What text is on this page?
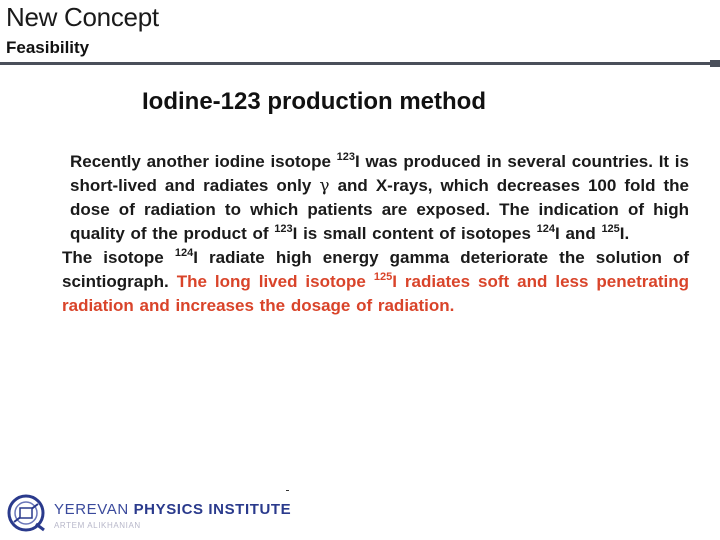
New Concept
Feasibility
Iodine-123 production method

Recently another iodine isotope $^{123}$I was produced in several countries. It is short-lived and radiates only γ and X-rays, which decreases 100 fold the dose of radiation to which patients are exposed. The indication of high quality of the product of $^{123}$I is small content of isotopes $^{124}$I and $^{125}$I.

The isotope $^{124}$I radiate high energy gamma deteriorate the solution of scintiograph. The long lived isotope $^{125}$I radiates soft and less penetrating radiation and increases the dosage of radiation.

YEREVAN PHYSICS INSTITUTE
ARTEM ALIKHANIAN
